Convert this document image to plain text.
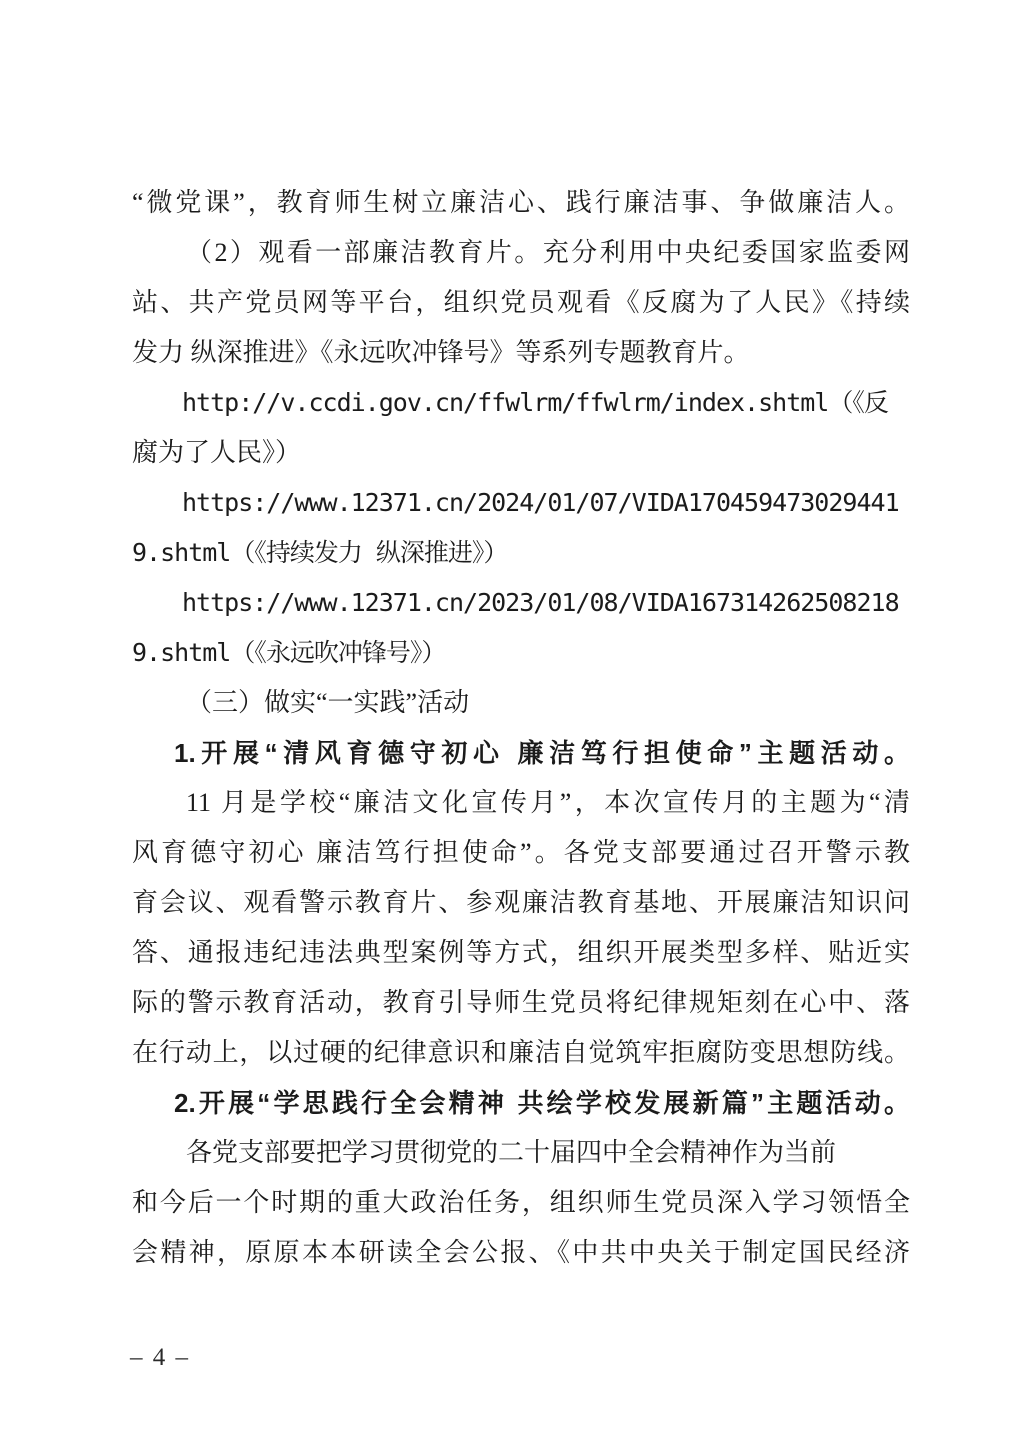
“微党课”，教育师生树立廉洁心、践行廉洁事、争做廉洁人。
（2）观看一部廉洁教育片。充分利用中央纪委国家监委网
站、共产党员网等平台，组织党员观看《反腐为了人民》《持续
发力 纵深推进》《永远吹冲锋号》等系列专题教育片。
http://v.ccdi.gov.cn/ffwlrm/ffwlrm/index.shtml（《反
腐为了人民》）
https://www.12371.cn/2024/01/07/VIDA170459473029441
9.shtml（《持续发力 纵深推进》）
https://www.12371.cn/2023/01/08/VIDA167314262508218
9.shtml（《永远吹冲锋号》）
（三）做实“一实践”活动
1.开展“清风育德守初心 廉洁笃行担使命”主题活动。
11 月是学校“廉洁文化宣传月”，本次宣传月的主题为“清
风育德守初心 廉洁笃行担使命”。各党支部要通过召开警示教
育会议、观看警示教育片、参观廉洁教育基地、开展廉洁知识问
答、通报违纪违法典型案例等方式，组织开展类型多样、贴近实
际的警示教育活动，教育引导师生党员将纪律规矩刻在心中、落
在行动上，以过硬的纪律意识和廉洁自觉筑牢拒腐防变思想防线。
2.开展“学思践行全会精神 共绘学校发展新篇”主题活动。
各党支部要把学习贯彻党的二十届四中全会精神作为当前
和今后一个时期的重大政治任务，组织师生党员深入学习领悟全
会精神，原原本本研读全会公报、《中共中央关于制定国民经济
– 4 –
